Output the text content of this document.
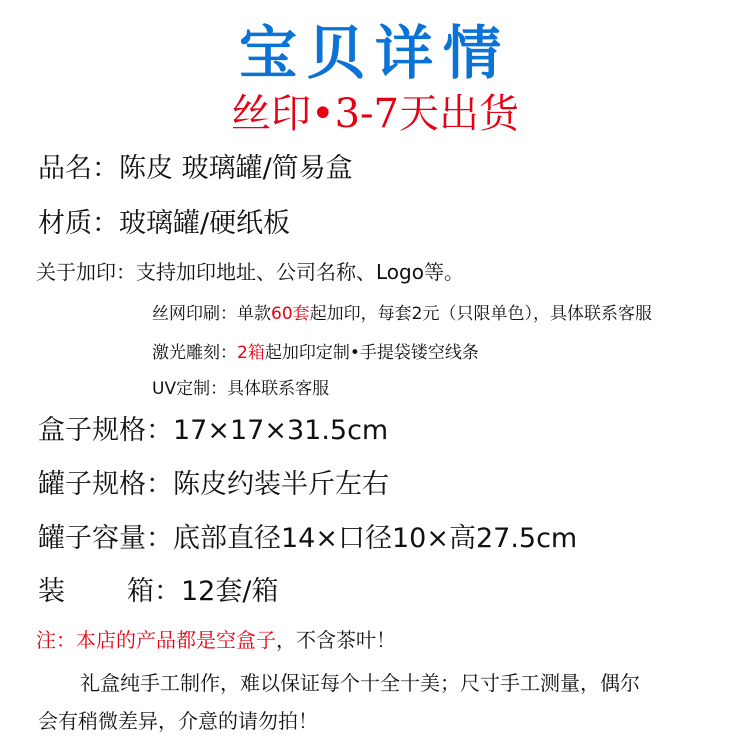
宝贝详情
丝印•3-7天出货
品名：陈皮 玻璃罐/简易盒
材质：玻璃罐/硬纸板
关于加印：支持加印地址、公司名称、Logo等。
丝网印刷：单款60套起加印，每套2元（只限单色），具体联系客服
激光雕刻：2箱起加印定制•手提袋镂空线条
UV定制：具体联系客服
盒子规格：17×17×31.5cm
罐子规格：陈皮约装半斤左右
罐子容量：底部直径14×口径10×高27.5cm
装 箱：12套/箱
注：本店的产品都是空盒子，不含茶叶！
礼盒纯手工制作，难以保证每个十全十美；尺寸手工测量，偶尔
会有稍微差异，介意的请勿拍！
